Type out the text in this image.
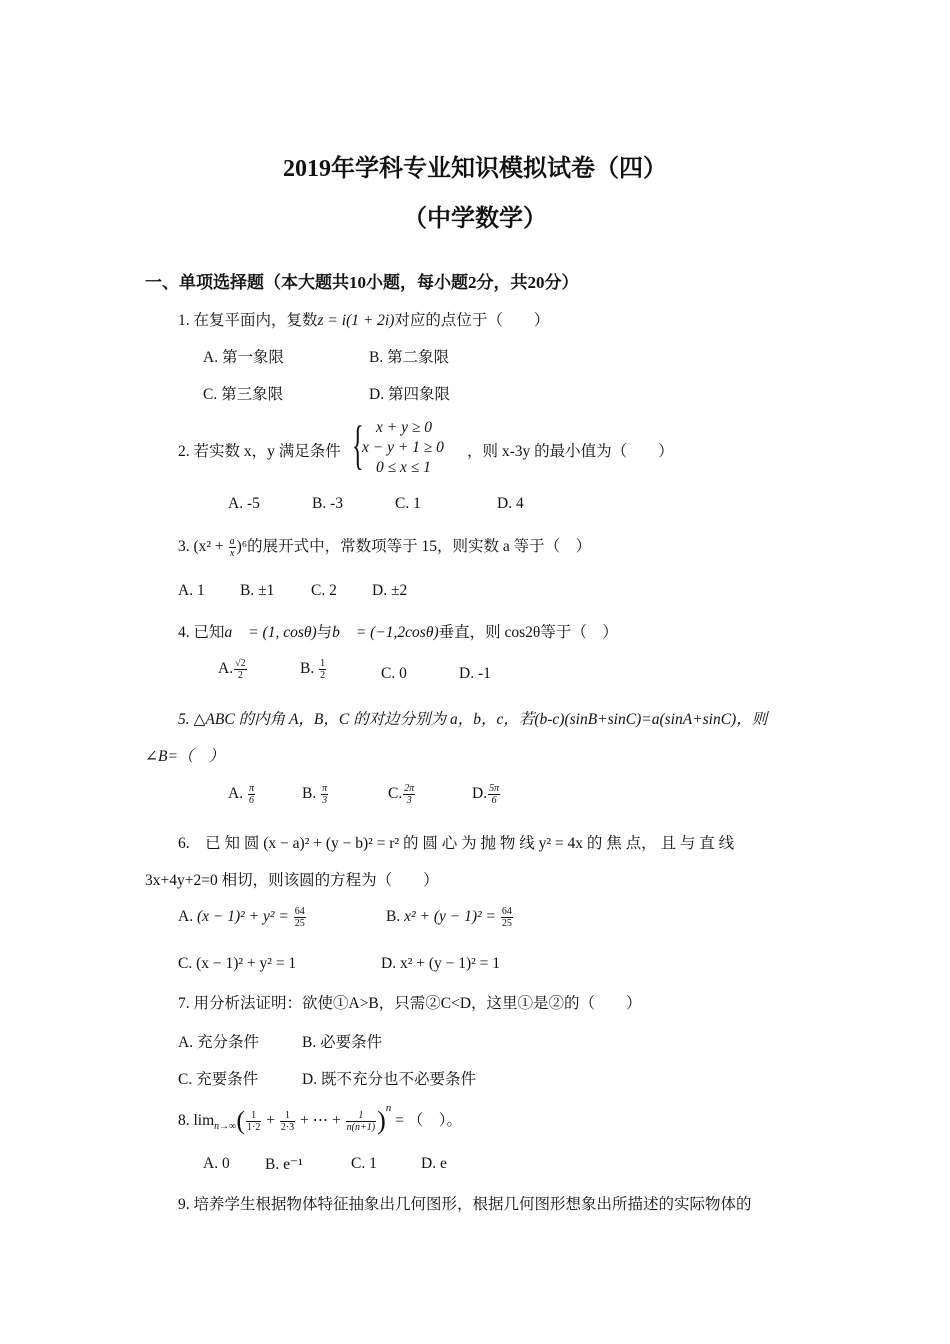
2019年学科专业知识模拟试卷（四）
（中学数学）
一、单项选择题（本大题共10小题，每小题2分，共20分）
1. 在复平面内，复数z = i(1 + 2i)对应的点位于（　　）
A. 第一象限	B. 第二象限
C. 第三象限	D. 第四象限
2. 若实数 x，y 满足条件 { x + y ≥ 0
x − y + 1 ≥ 0
0 ≤ x ≤ 1
，则 x-3y 的最小值为（　　）
A. -5	B. -3	C. 1	D. 4
3. $(x^2 + \frac{a}{x} )^6$的展开式中，常数项等于 15，则实数 a 等于（　）
A. 1 B. ±1 C. 2 D. ±2
4. 已知a⃗ = (1, cosθ)与b⃗ = (−1,2cosθ)垂直，则 cos2θ等于（　）
A. $\frac{√2}{2}$	B. $\frac{1}{2}$	C. 0	D. -1
5. △ABC 的内角 A，B，C 的对边分别为 a，b，c，若(b-c)(sinB+sinC)=a(sinA+sinC)，则
∠B=（　）
A. $\frac{\pi}{6}$	B. $\frac{\pi}{3}$	C. $\frac{2\pi}{3}$	D. $\frac{5\pi}{6}$
6.　已 知 圆 (x − a)² + (y − b)² = r² 的 圆 心 为 抛 物 线 y² = 4x 的 焦 点， 且 与 直 线
3x+4y+2=0 相切，则该圆的方程为（　　）
A. $(x - 1)^2 + y^2 = \frac{64}{25}$	B. $x^2 + (y - 1)^2 = \frac{64}{25}$
C. (x − 1)² + y² = 1	D. x² + (y − 1)² = 1
7. 用分析法证明：欲使①A>B，只需②C<D，这里①是②的（　　）
A. 充分条件	B. 必要条件
C. 充要条件	D. 既不充分也不必要条件
8. $\lim_{n\to\infty}( \frac{1}{1\cdot 2} + \frac{1}{2\cdot 3}$ + ⋯ + $\frac{1}{n(n+1)} )^n$ = （　）。
A. 0 B. e⁻¹	C. 1	D. e
9. 培养学生根据物体特征抽象出几何图形，根据几何图形想象出所描述的实际物体的
